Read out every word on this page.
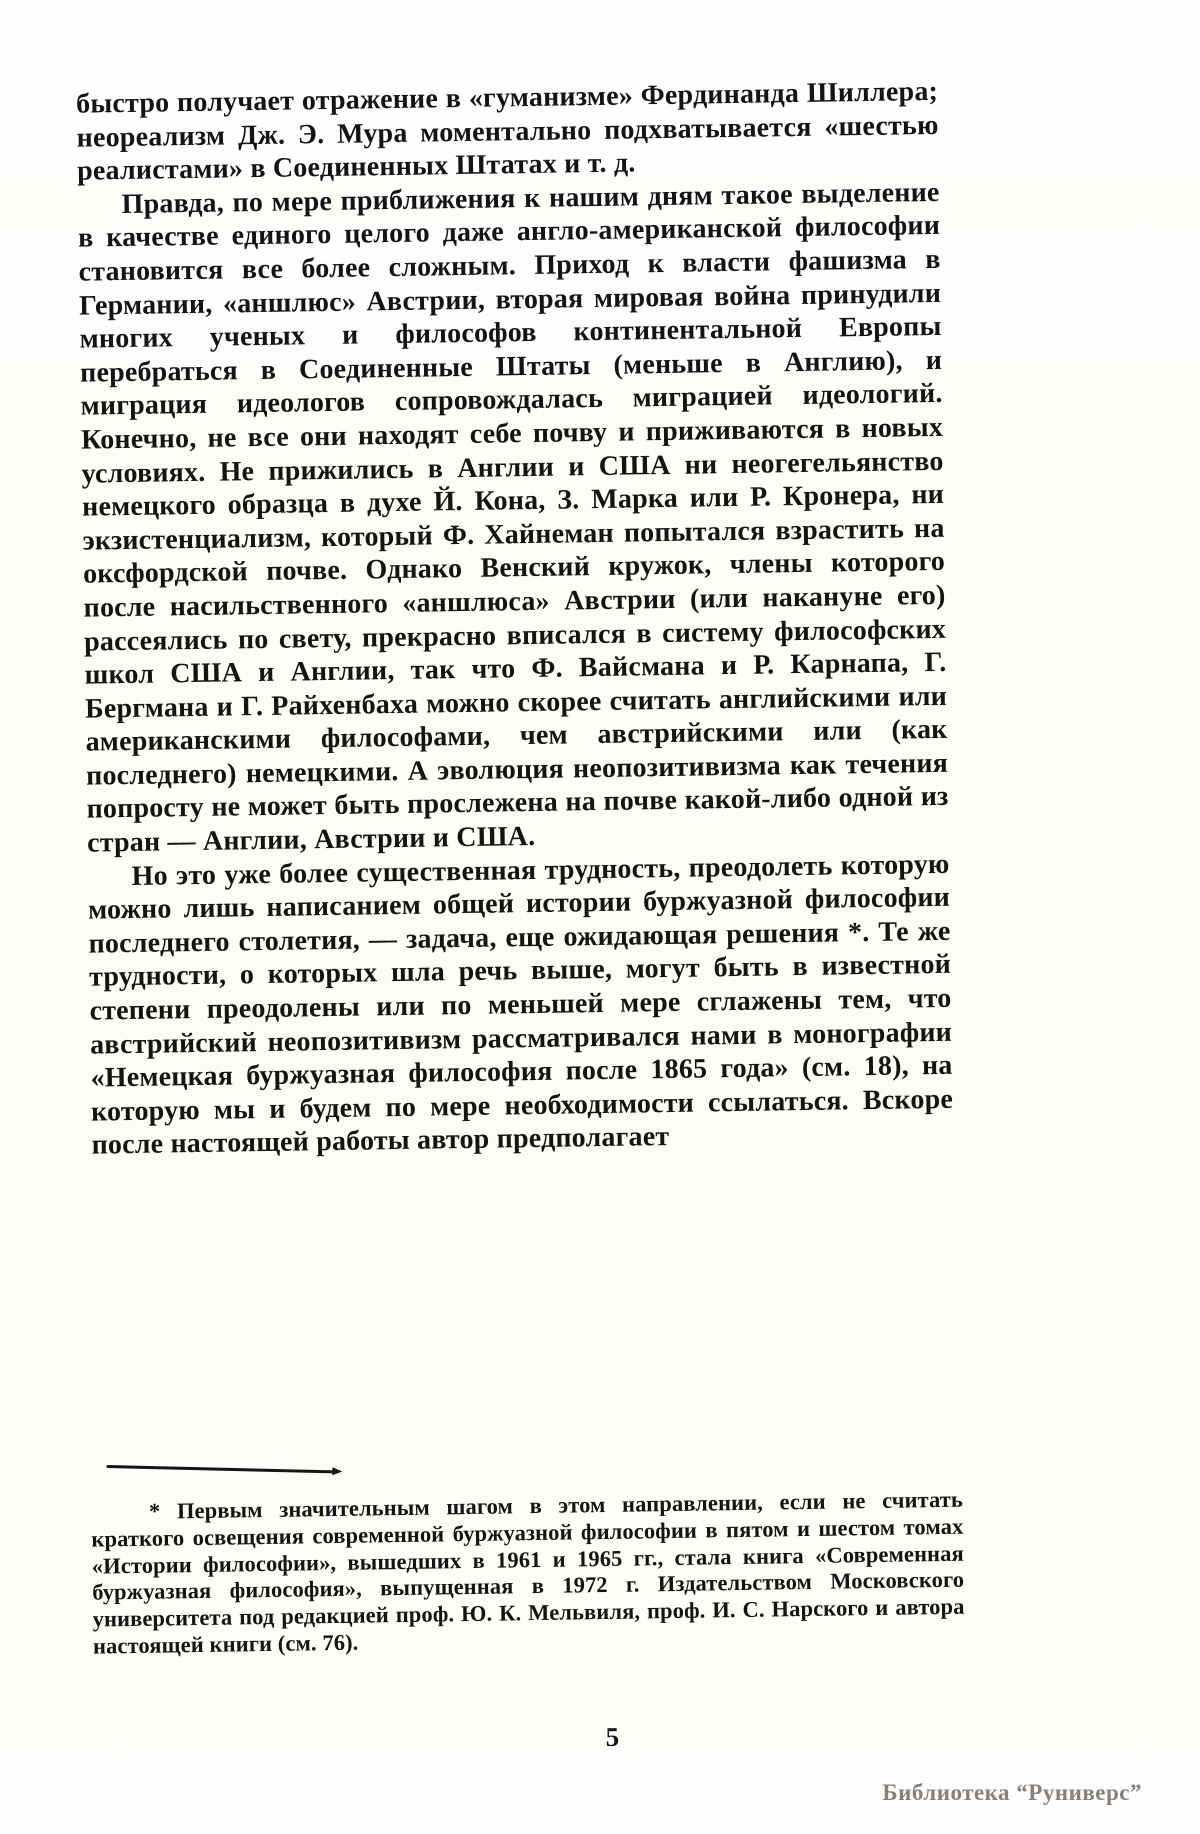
быстро получает отражение в «гуманизме» Фердинанда Шиллера; неореализм Дж. Э. Мура моментально подхватывается «шестью реалистами» в Соединенных Штатах и т. д.

Правда, по мере приближения к нашим дням такое выделение в качестве единого целого даже англо-американской философии становится все более сложным. Приход к власти фашизма в Германии, «аншлюс» Австрии, вторая мировая война принудили многих ученых и философов континентальной Европы перебраться в Соединенные Штаты (меньше в Англию), и миграция идеологов сопровождалась миграцией идеологий. Конечно, не все они находят себе почву и приживаются в новых условиях. Не прижились в Англии и США ни неогегельянство немецкого образца в духе Й. Кона, З. Марка или Р. Кронера, ни экзистенциализм, который Ф. Хайнеман попытался взрастить на оксфордской почве. Однако Венский кружок, члены которого после насильственного «аншлюса» Австрии (или накануне его) рассеялись по свету, прекрасно вписался в систему философских школ США и Англии, так что Ф. Вайсмана и Р. Карнапа, Г. Бергмана и Г. Райхенбаха можно скорее считать английскими или американскими философами, чем австрийскими или (как последнего) немецкими. А эволюция неопозитивизма как течения попросту не может быть прослежена на почве какой-либо одной из стран — Англии, Австрии и США.

Но это уже более существенная трудность, преодолеть которую можно лишь написанием общей истории буржуазной философии последнего столетия, — задача, еще ожидающая решения *. Те же трудности, о которых шла речь выше, могут быть в известной степени преодолены или по меньшей мере сглажены тем, что австрийский неопозитивизм рассматривался нами в монографии «Немецкая буржуазная философия после 1865 года» (см. 18), на которую мы и будем по мере необходимости ссылаться. Вскоре после настоящей работы автор предполагает

* Первым значительным шагом в этом направлении, если не считать краткого освещения современной буржуазной философии в пятом и шестом томах «Истории философии», вышедших в 1961 и 1965 гг., стала книга «Современная буржуазная философия», выпущенная в 1972 г. Издательством Московского университета под редакцией проф. Ю. К. Мельвиля, проф. И. С. Нарского и автора настоящей книги (см. 76).

5
Библиотека “Руниверс”
